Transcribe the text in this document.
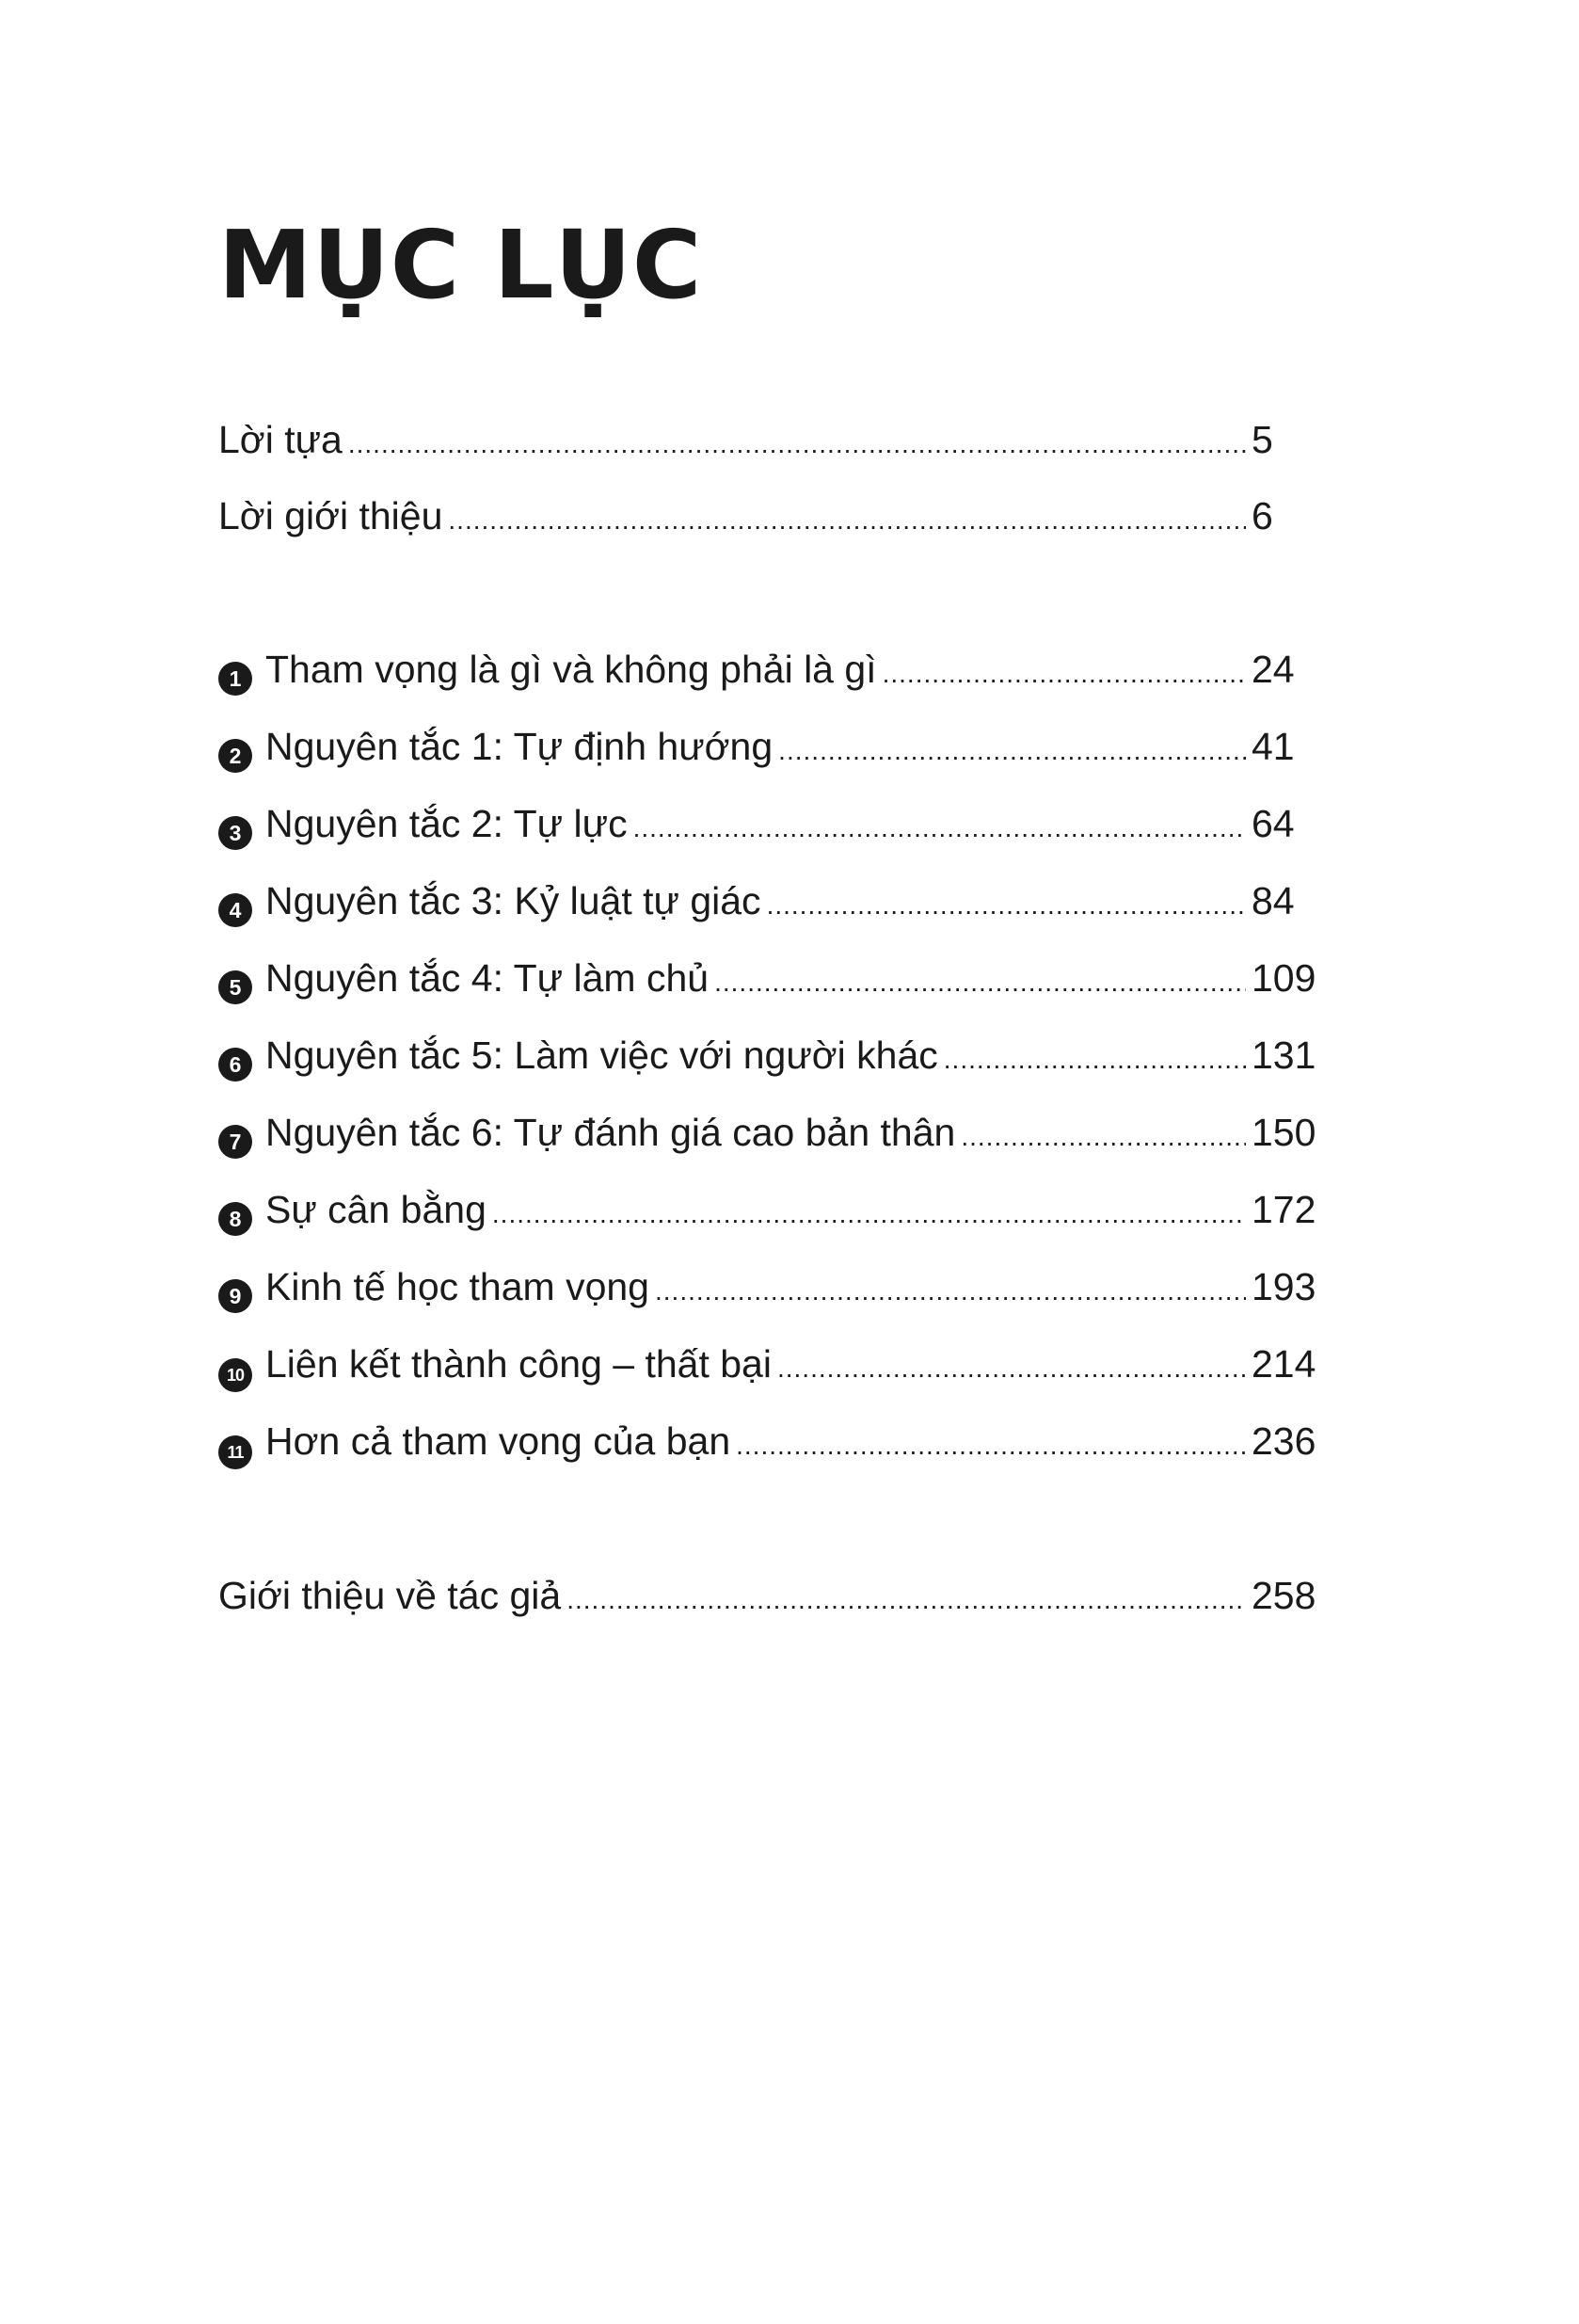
MỤC LỤC
Lời tựa .....	5
Lời giới thiệu .....	6
1 Tham vọng là gì và không phải là gì .....	24
2 Nguyên tắc 1: Tự định hướng .....	41
3 Nguyên tắc 2: Tự lực .....	64
4 Nguyên tắc 3: Kỷ luật tự giác .....	84
5 Nguyên tắc 4: Tự làm chủ .....	109
6 Nguyên tắc 5: Làm việc với người khác .....	131
7 Nguyên tắc 6: Tự đánh giá cao bản thân .....	150
8 Sự cân bằng .....	172
9 Kinh tế học tham vọng .....	193
10 Liên kết thành công – thất bại .....	214
11 Hơn cả tham vọng của bạn .....	236
Giới thiệu về tác giả .....	258
